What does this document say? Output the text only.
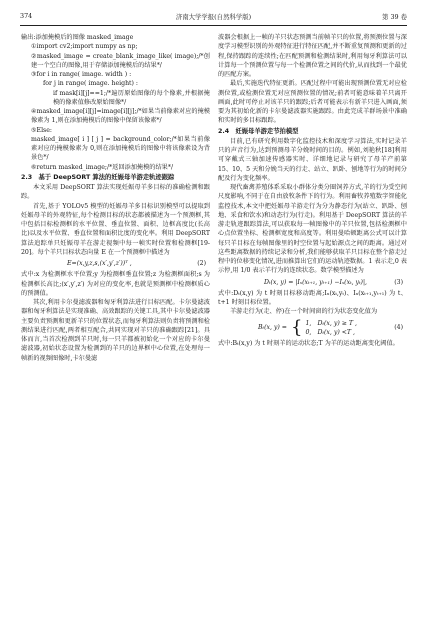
374	济南大学学报(自然科学版)	第 39 卷

输出:添加掩模后的图像 masked_image

①import cv2;import numpy as np;

②masked_image = create_blank_image_like( image);/*创建一个空白的图像,用于存储添加掩模后的结果*/

③for i in range( image. width ) :

for j in range( image. height) :

if mask[i][j]==1;/*遍历原始图像的每个像素,并根据掩模的像素值修改原始图像*/

④masked_image[i][j]=image[i][j];/*如果当前像素对应的掩模像素为 1,则在添加掩模后的图像中保留该像素*/

⑤Else:

masked_image[ i ] [ j ] = background_color;/*如果当前像素对应的掩模像素为 0,则在添加掩模后的图像中将该像素设为背景色*/

⑥return masked_image;/*返回添加掩模的结果*/

2.3　基于 DeepSORT 算法的妊娠母羊游走轨迹跟踪

本文采用 DeepSORT 算法实现妊娠母羊多目标的准确检测和跟踪。

首先,基于 YOLOv5 模型的妊娠母羊多目标识别模型可以提取到妊娠母羊的外观特征,每个检测目标的状态都被描述为一个预测框,其中包括目标检测框的水平位置、垂直位置、面积、边框高度比(长高比)以及水平位置、垂直位置和面积比度的变化率。利用 DeepSORT 算法追踪单只妊娠母羊在游走视频中每一帧实时位置和检测框[19-20]。每个羊只目标状态向量 E 在一个预测框中描述为

E=(x,y,z,s,(x′,y′,z′))ᵀ ,	(2)

式中:x 为检测框水平位置;y 为检测框垂直位置;z 为检测框面积;s 为检测框长高比;(x′,y′,z′) 为对应的变化率,也就是预测框中检测框质心的预测值。

其次,利用卡尔曼滤波器和匈牙利算法进行目标匹配。卡尔曼滤波器和匈牙利算法是实现准确、高效跟踪的关键工具,其中卡尔曼滤波器主要负责预测和更新羊只的位置状态,而匈牙利算法则负责将预测和检测结果进行匹配,两者相互配合,共同实现对羊只的准确跟踪[21]。具体而言,当首次检测到羊只时,每一只羊都被初始化一个对应的卡尔曼滤波器,初始状态设置为检测到的羊只的边界框中心位置,在处理每一帧新的视频图像时,卡尔曼滤

波器会根据上一帧的羊只状态预测当前帧羊只的位置,将预测位置与深度学习模型识别的外观特征进行特征匹配,并不断重复预测和更新的过程,保持跟踪的连续性;在匹配预测和检测结果时,利用匈牙利算法可以计算每一个预测位置与每一个检测位置之间的代价,从而找到一个最优的匹配方案。

最后,实施迭代特征更新。匹配过程中可能出现预测位置无对应检测位置,或检测位置无对应预测位置的情况;前者可能意味着羊只离开画面,此时可停止对该羊只的跟踪;后者可能表示有新羊只进入画面,须要为其初始化新的卡尔曼滤波器实施跟踪。由此完成羊群场景中准确和实时的多目标跟踪。

2.4　妊娠母羊游走节拍模型

目前,已有研究利用数字化监控技术和深度学习算法,实时记录羊只的声音行为,达到预测母羊分娩时间的目的。例如,刘艳秋[18]利用可穿戴式三轴加速传感器实时、详细地记录与研究了母羊产前第 15、10、5 天和分娩当天的行走、站立、趴卧、刨地等行为的时间分配及行为变化频率。

现代畜禽养殖体系采取小群体分类分圈饲养方式,羊的行为受空间尺度影响,不同于在自由放牧条件下的行为。利用畜牧养殖数字智能化监控技术,本文中把妊娠母羊游走行为分为静态行为(站立、趴卧、刨地、采食和饮水)和动态行为(行走)。利用基于 DeepSORT 算法的羊游走轨迹跟踪算法,可以获取每一帧图像中的羊只位置,包括检测框中心点位置坐标、检测框宽度和高度等。利用曼哈顿距离公式可以计算每只羊目标在每帧图像里的时空位置与起始源点之间的距离。通过对这些距离数据的持续记录和分析,我们能够获取羊只目标在整个游走过程中的位移变化情况,进而推算出它们的运动轨迹数据。1 表示走,0 表示停,用 1/0 表示羊行为的连续状态。数学模型描述为

Dₜ(x, y) = |Iₓ(xₜ₊₁, yₜ₊₁) −Iₓ(xₜ, yₜ)|,	(3)

式中:Dₜ(x,y) 为 t 时刻目标移动距离;Iₓ(xₜ,yₜ)、Iₓ(xₜ₊₁,yₜ₊₁) 为 t、t+1 时刻目标位置。

羊游走行为(走、停)在一个时间窗的行为状态变化值为

Bₜ(x, y) = { 1,　Dₜ(x, y) ≥ T ,
0,　Dₜ(x, y) <T ,
(4)

式中:Bₜ(x,y) 为 t 时刻羊的运动状态;T 为羊的运动距离变化阈值。
